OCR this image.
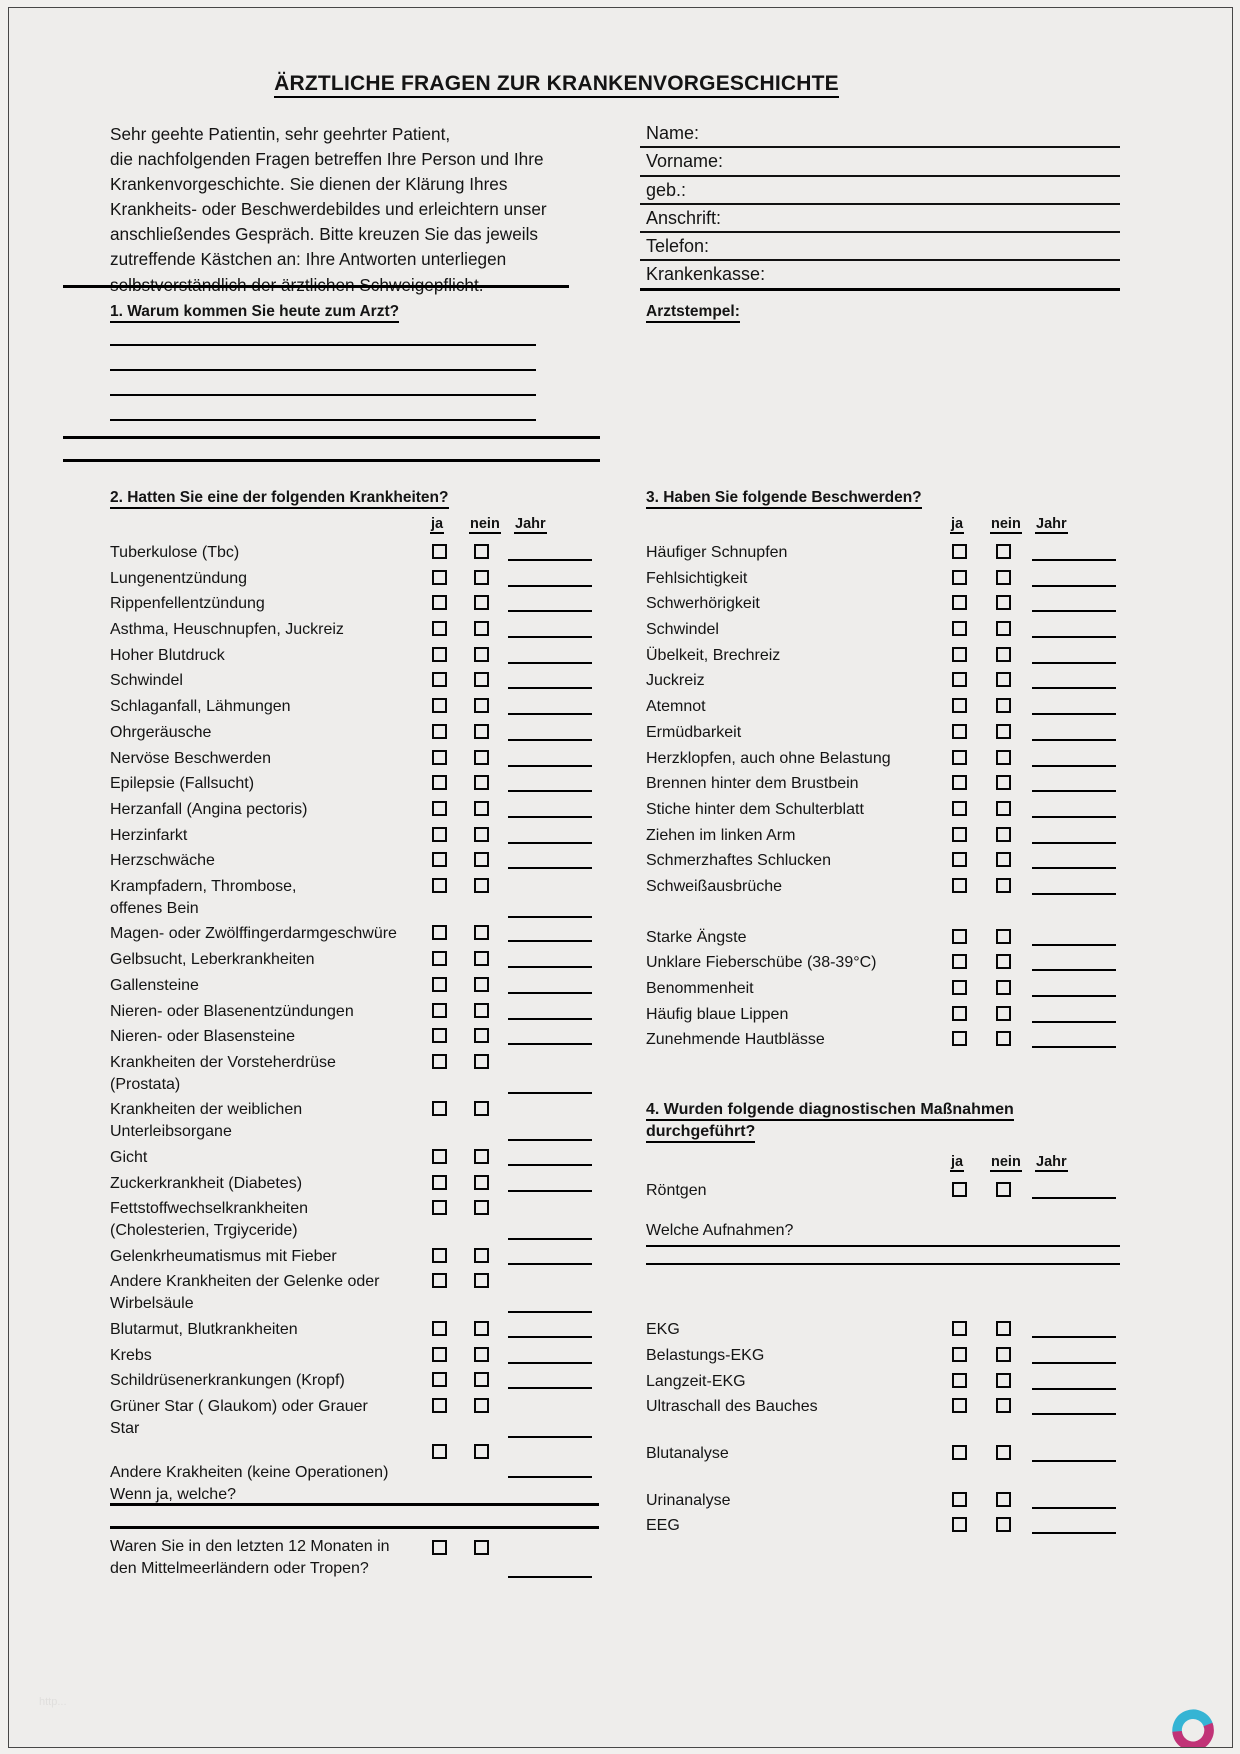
ÄRZTLICHE FRAGEN ZUR KRANKENVORGESCHICHTE
Sehr geehte Patientin, sehr geehrter Patient,
die nachfolgenden Fragen betreffen Ihre Person und Ihre
Krankenvorgeschichte. Sie dienen der Klärung Ihres
Krankheits- oder Beschwerdebildes und erleichtern unser
anschließendes Gespräch. Bitte kreuzen Sie das jeweils
zutreffende Kästchen an: Ihre Antworten unterliegen
selbstverständlich der ärztlichen Schweigepflicht.
Name:
Vorname:
geb.:
Anschrift:
Telefon:
Krankenkasse:
1. Warum kommen Sie heute zum Arzt?	Arztstempel:
2. Hatten Sie eine der folgenden Krankheiten?	3. Haben Sie folgende Beschwerden?
ja nein Jahr
Tuberkulose (Tbc)
Lungenentzündung
Rippenfellentzündung
Asthma, Heuschnupfen, Juckreiz
Hoher Blutdruck
Schwindel
Schlaganfall, Lähmungen
Ohrgeräusche
Nervöse Beschwerden
Epilepsie (Fallsucht)
Herzanfall (Angina pectoris)
Herzinfarkt
Herzschwäche
Krampfadern, Thrombose,
offenes Bein
Magen- oder Zwölffingerdarmgeschwüre
Gelbsucht, Leberkrankheiten
Gallensteine
Nieren- oder Blasenentzündungen
Nieren- oder Blasensteine
Krankheiten der Vorsteherdrüse
(Prostata)
Krankheiten der weiblichen
Unterleibsorgane
Gicht
Zuckerkrankheit (Diabetes)
Fettstoffwechselkrankheiten
(Cholesterien, Trgiyceride)
Gelenkrheumatismus mit Fieber
Andere Krankheiten der Gelenke oder
Wirbelsäule
Blutarmut, Blutkrankheiten
Krebs
Schildrüsenerkrankungen (Kropf)
Grüner Star ( Glaukom) oder Grauer
Star
Andere Krakheiten (keine Operationen)
Wenn ja, welche?
Waren Sie in den letzten 12 Monaten in
den Mittelmeerländern oder Tropen?
ja nein Jahr
Häufiger Schnupfen
Fehlsichtigkeit
Schwerhörigkeit
Schwindel
Übelkeit, Brechreiz
Juckreiz
Atemnot
Ermüdbarkeit
Herzklopfen, auch ohne Belastung
Brennen hinter dem Brustbein
Stiche hinter dem Schulterblatt
Ziehen im linken Arm
Schmerzhaftes Schlucken
Schweißausbrüche
Starke Ängste
Unklare Fieberschübe (38-39°C)
Benommenheit
Häufig blaue Lippen
Zunehmende Hautblässe
4. Wurden folgende diagnostischen Maßnahmen
durchgeführt?
ja nein Jahr
Röntgen
Welche Aufnahmen?
EKG
Belastungs-EKG
Langzeit-EKG
Ultraschall des Bauches
Blutanalyse
Urinanalyse
EEG
http...
